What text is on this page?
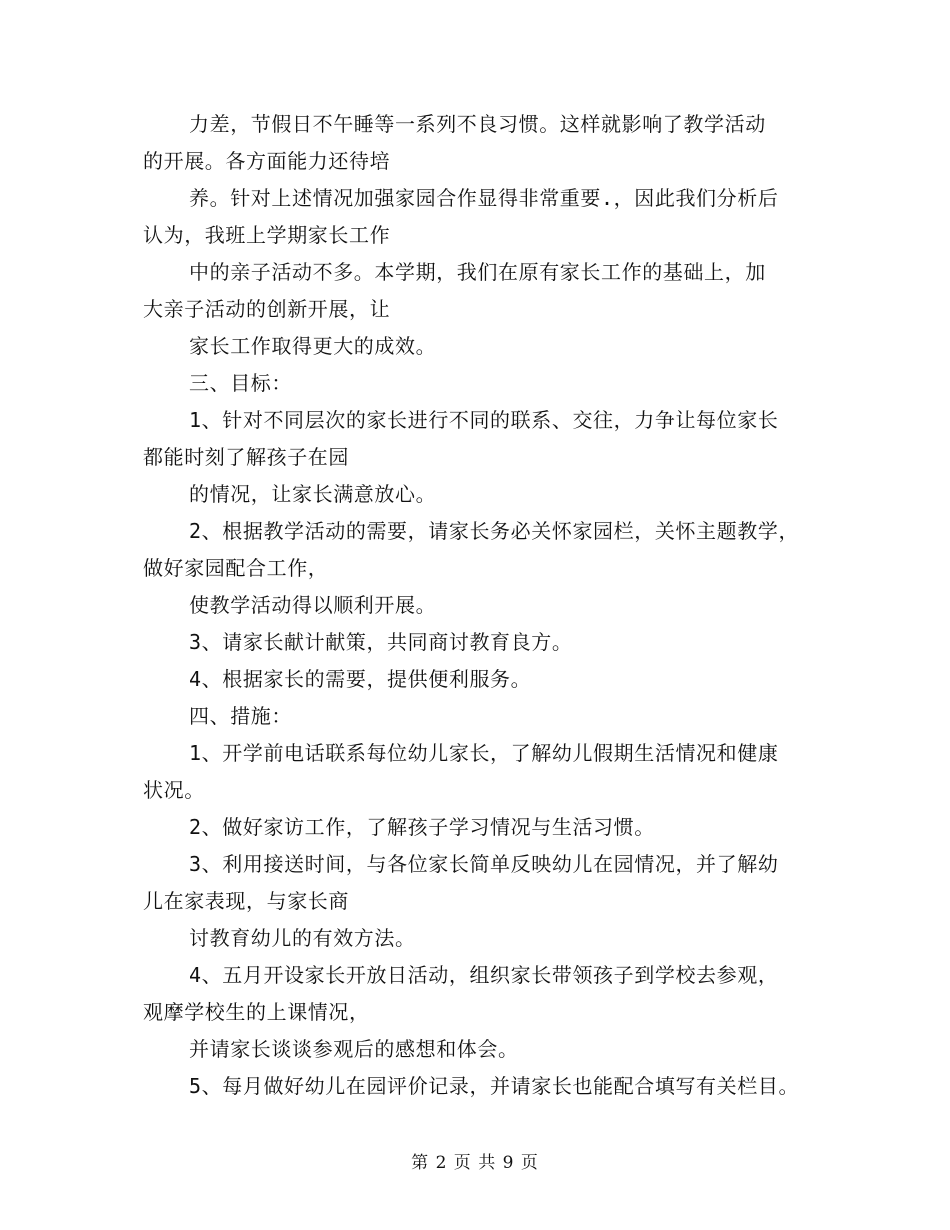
力差，节假日不午睡等一系列不良习惯。这样就影响了教学活动
的开展。各方面能力还待培
养。针对上述情况加强家园合作显得非常重要.，因此我们分析后
认为，我班上学期家长工作
中的亲子活动不多。本学期，我们在原有家长工作的基础上，加
大亲子活动的创新开展，让
家长工作取得更大的成效。
三、目标：
1、针对不同层次的家长进行不同的联系、交往，力争让每位家长
都能时刻了解孩子在园
的情况，让家长满意放心。
2、根据教学活动的需要，请家长务必关怀家园栏，关怀主题教学，
做好家园配合工作，
使教学活动得以顺利开展。
3、请家长献计献策，共同商讨教育良方。
4、根据家长的需要，提供便利服务。
四、措施：
1、开学前电话联系每位幼儿家长，了解幼儿假期生活情况和健康
状况。
2、做好家访工作，了解孩子学习情况与生活习惯。
3、利用接送时间，与各位家长简单反映幼儿在园情况，并了解幼
儿在家表现，与家长商
讨教育幼儿的有效方法。
4、五月开设家长开放日活动，组织家长带领孩子到学校去参观，
观摩学校生的上课情况，
并请家长谈谈参观后的感想和体会。
5、每月做好幼儿在园评价记录，并请家长也能配合填写有关栏目。
第 2 页 共 9 页
